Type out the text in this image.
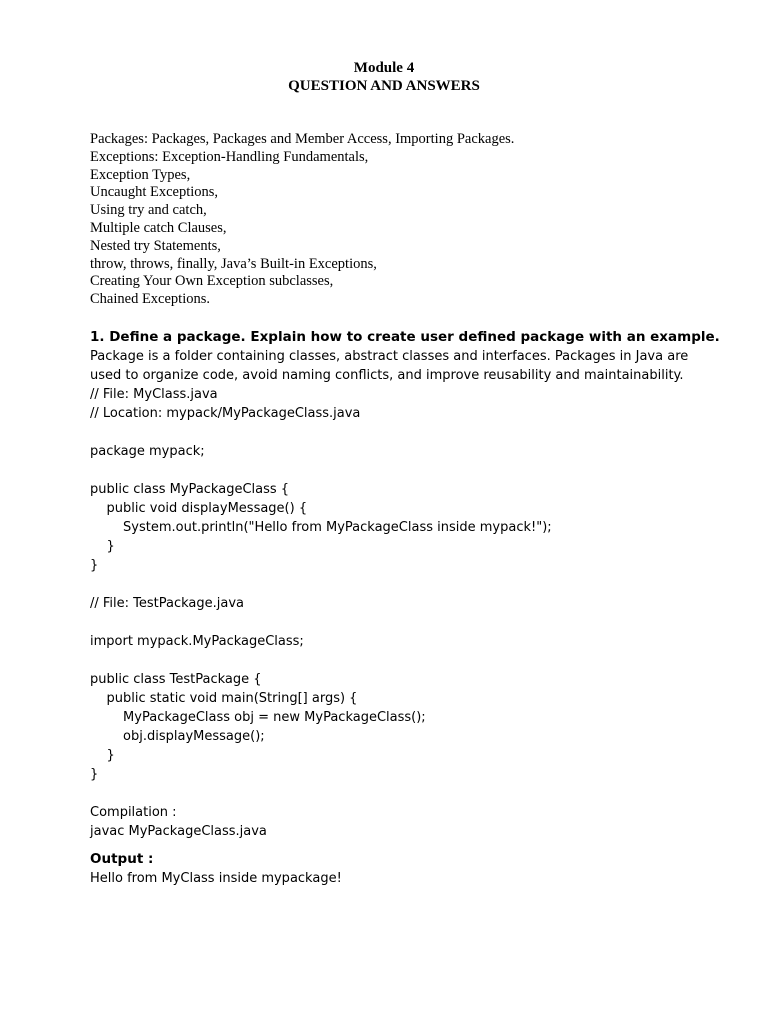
Module 4
QUESTION AND ANSWERS
Packages: Packages, Packages and Member Access, Importing Packages.
Exceptions: Exception-Handling Fundamentals,
Exception Types,
Uncaught Exceptions,
Using try and catch,
Multiple catch Clauses,
Nested try Statements,
throw, throws, finally, Java’s Built-in Exceptions,
Creating Your Own Exception subclasses,
Chained Exceptions.
1. Define a package. Explain how to create user defined package with an example.
Package is a folder containing classes, abstract classes and interfaces. Packages in Java are used to organize code, avoid naming conflicts, and improve reusability and maintainability.
// File: MyClass.java
// Location: mypack/MyPackageClass.java
package mypack;
public class MyPackageClass {
public void displayMessage() {
System.out.println("Hello from MyPackageClass inside mypack!");
}
}
// File: TestPackage.java
import mypack.MyPackageClass;
public class TestPackage {
public static void main(String[] args) {
MyPackageClass obj = new MyPackageClass();
obj.displayMessage();
}
}
Compilation :
javac MyPackageClass.java
Output :
Hello from MyClass inside mypackage!
